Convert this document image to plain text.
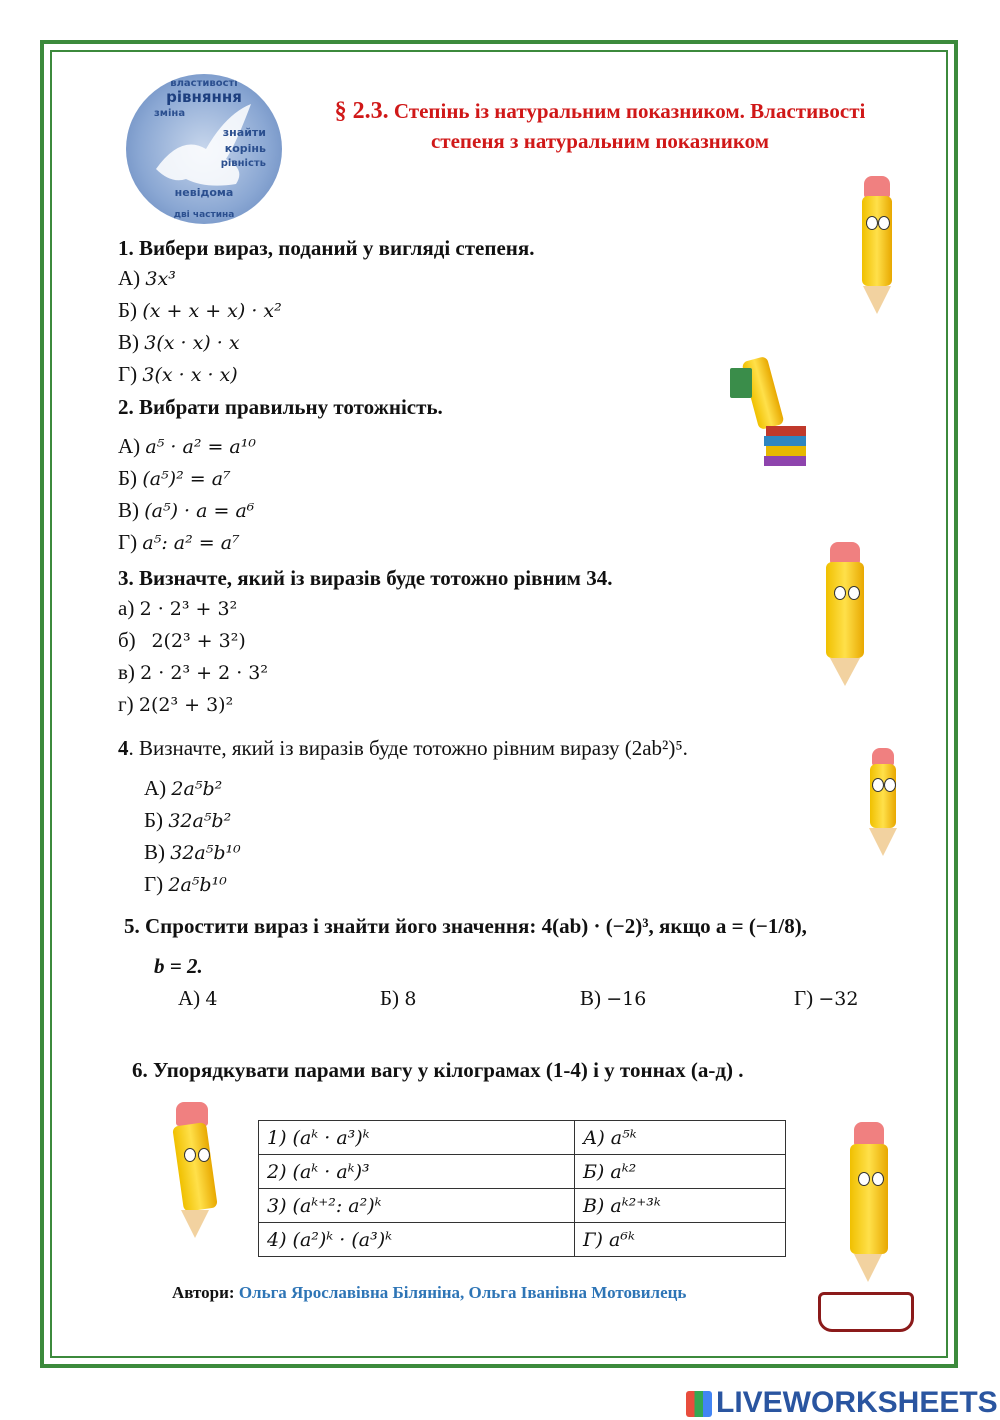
властивості
рівняння
зміна
знайти
корінь
рівність
невідома
дві частина
§ 2.3. Степінь із натуральним показником. Властивості
степеня з натуральним показником
1. Вибери вираз, поданий у вигляді степеня.
А) 3x³
Б) (x + x + x) · x²
В) 3(x · x) · x
Г) 3(x · x · x)
2. Вибрати правильну тотожність.
А) a⁵ · a² = a¹⁰
Б) (a⁵)² = a⁷
В) (a⁵) · a = a⁶
Г) a⁵: a² = a⁷
3. Визначте, який із виразів буде тотожно рівним 34.
а) 2 · 2³ + 3²
б) 2(2³ + 3²)
в) 2 · 2³ + 2 · 3²
г) 2(2³ + 3)²
4. Визначте, який із виразів буде тотожно рівним виразу (2ab²)⁵.
А) 2a⁵b²
Б) 32a⁵b²
В) 32a⁵b¹⁰
Г) 2a⁵b¹⁰
5. Спростити вираз і знайти його значення: 4(ab) · (−2)³, якщо a = (−1/8),
b = 2.
А) 4	Б) 8	В) −16	Г) −32
6. Упорядкувати парами вагу у кілограмах (1-4) і у тоннах (а-д) .
1) (aᵏ · a³)ᵏ	А) a⁵ᵏ
2) (aᵏ · aᵏ)³	Б) aᵏ²
3) (aᵏ⁺²: a²)ᵏ	В) aᵏ²⁺³ᵏ
4) (a²)ᵏ · (a³)ᵏ	Г) a⁶ᵏ
Автори: Ольга Ярославівна Біляніна, Ольга Іванівна Мотовилець
LIVEWORKSHEETS
